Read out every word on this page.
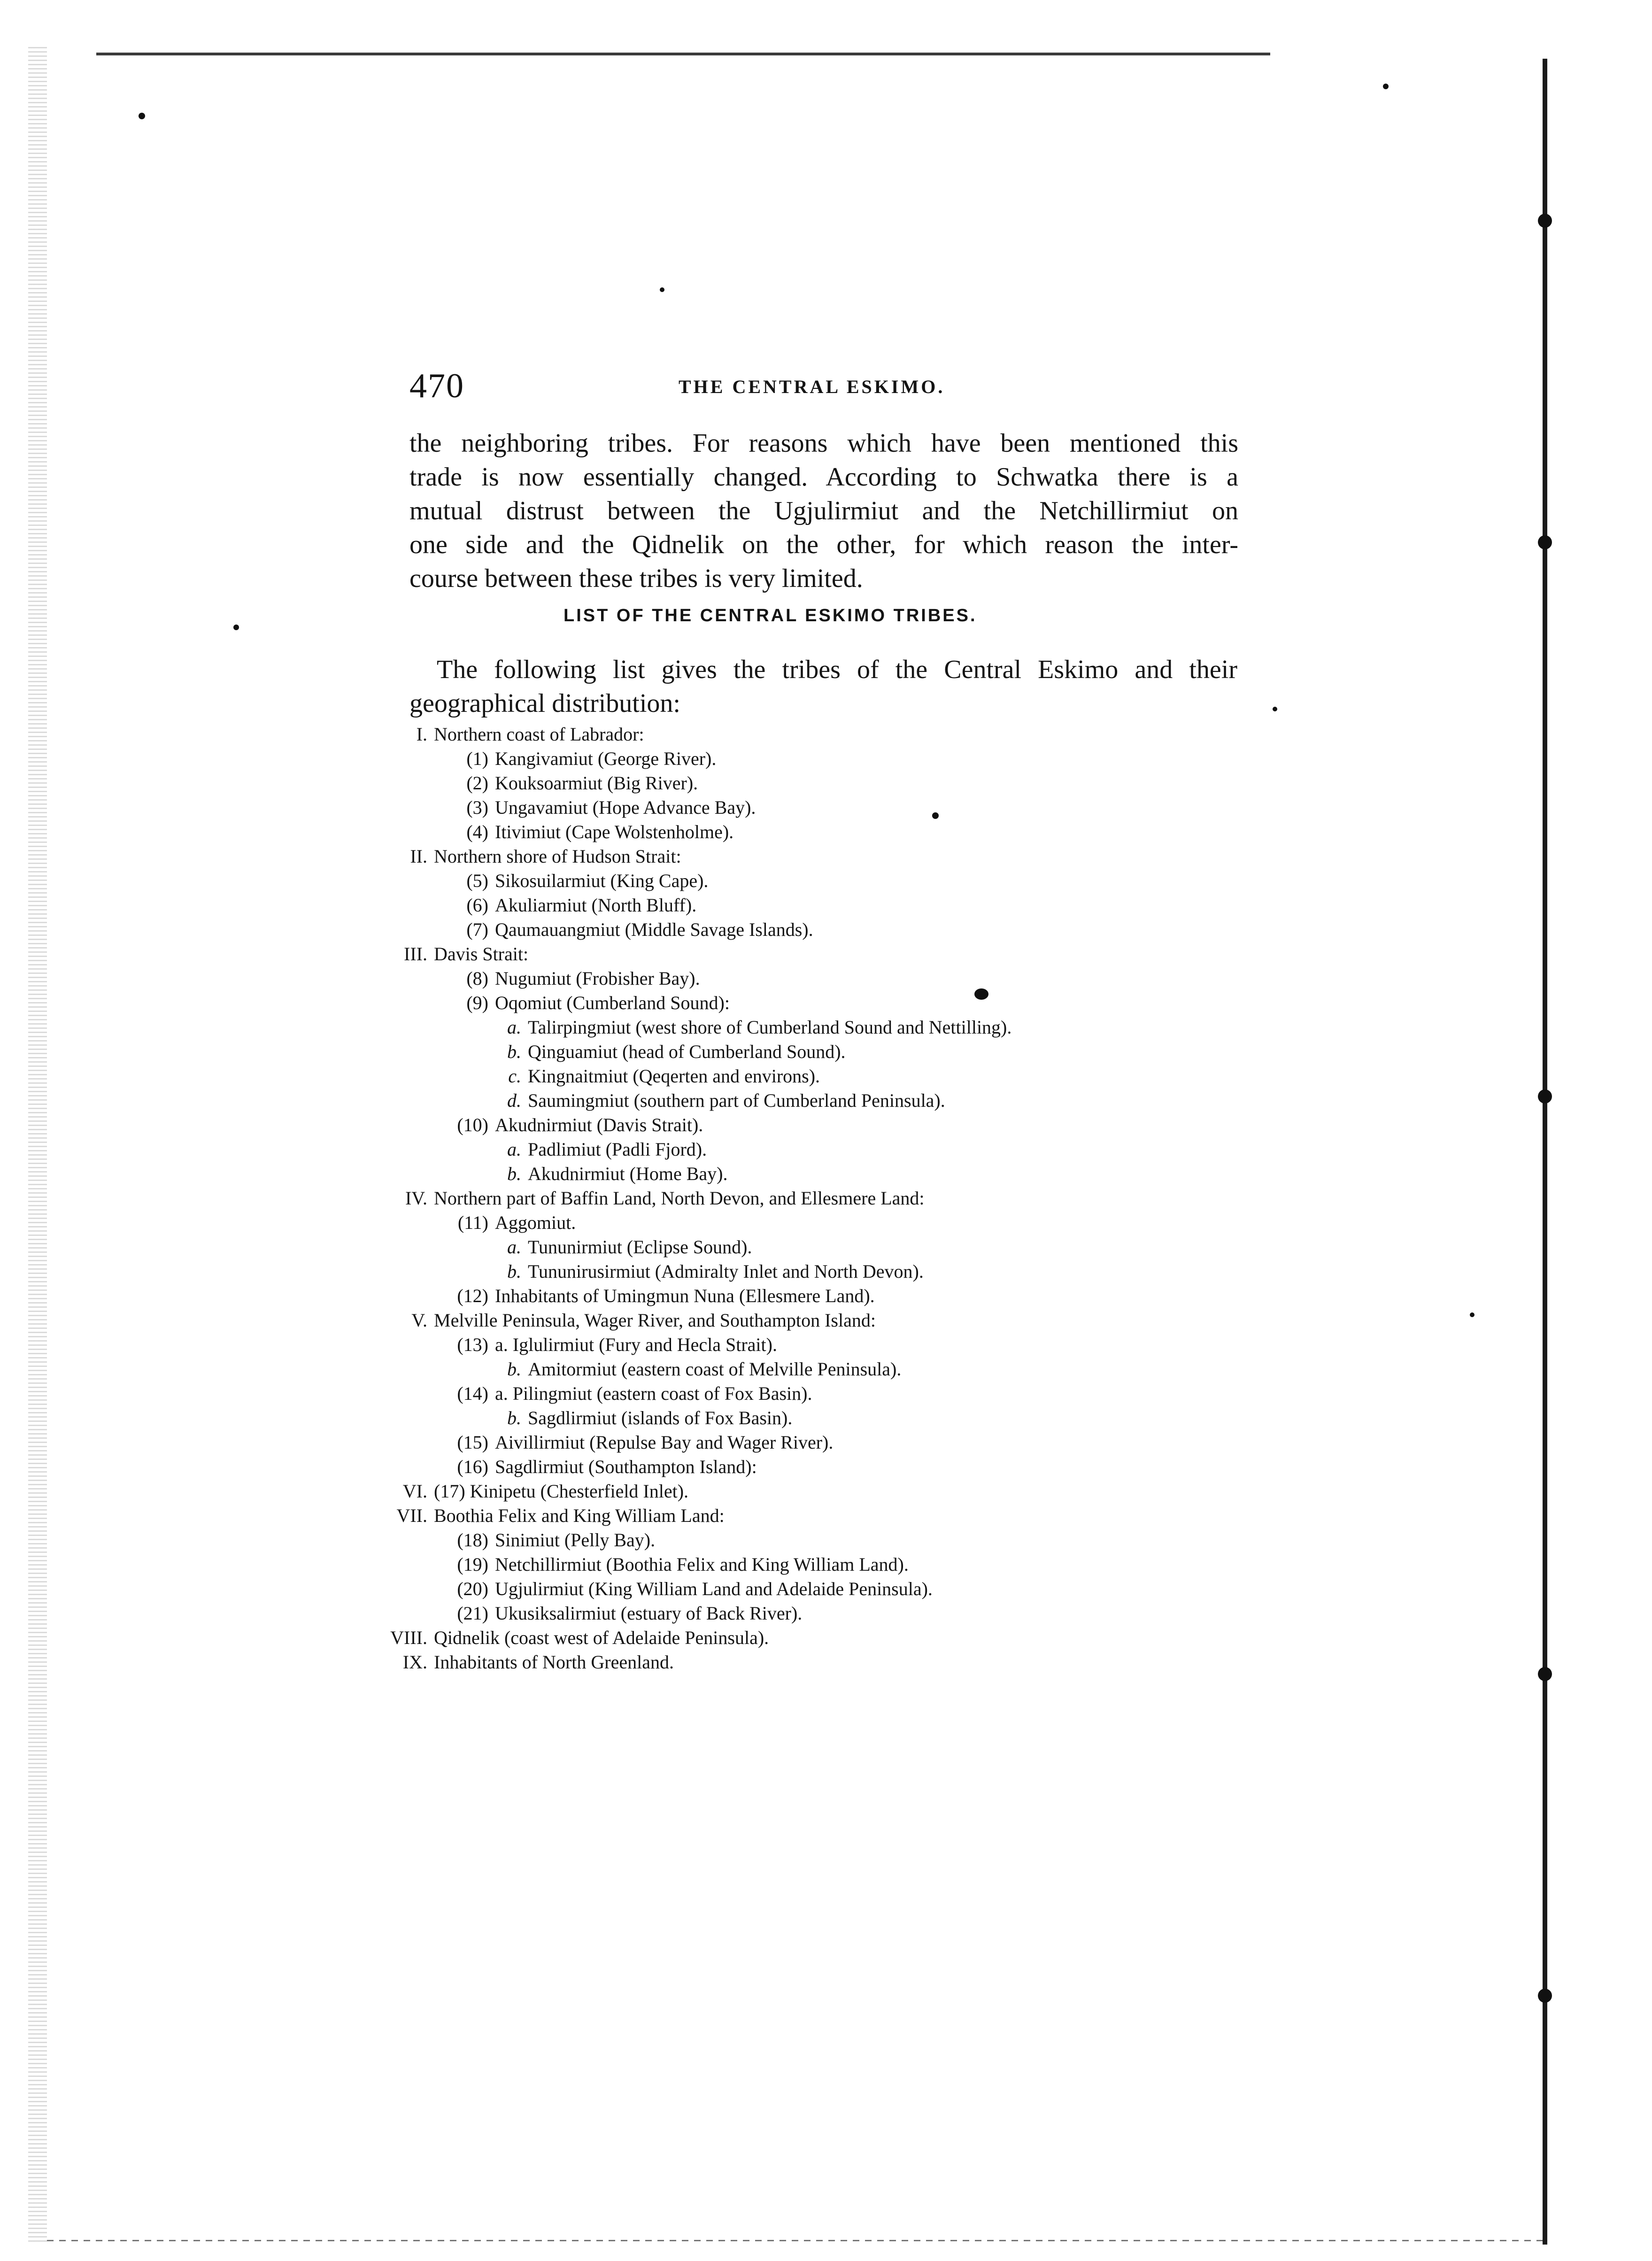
470	THE CENTRAL ESKIMO.
the neighboring tribes. For reasons which have been mentioned this
trade is now essentially changed. According to Schwatka there is a
mutual distrust between the Ugjulirmiut and the Netchillirmiut on
one side and the Qidnelik on the other, for which reason the inter-
course between these tribes is very limited.
LIST OF THE CENTRAL ESKIMO TRIBES.
The following list gives the tribes of the Central Eskimo and their
geographical distribution:
I. Northern coast of Labrador:
(1) Kangivamiut (George River).
(2) Kouksoarmiut (Big River).
(3) Ungavamiut (Hope Advance Bay).
(4) Itivimiut (Cape Wolstenholme).
II. Northern shore of Hudson Strait:
(5) Sikosuilarmiut (King Cape).
(6) Akuliarmiut (North Bluff).
(7) Qaumauangmiut (Middle Savage Islands).
III. Davis Strait:
(8) Nugumiut (Frobisher Bay).
(9) Oqomiut (Cumberland Sound):
a. Talirpingmiut (west shore of Cumberland Sound and Nettilling).
b. Qinguamiut (head of Cumberland Sound).
c. Kingnaitmiut (Qeqerten and environs).
d. Saumingmiut (southern part of Cumberland Peninsula).
(10) Akudnirmiut (Davis Strait).
a. Padlimiut (Padli Fjord).
b. Akudnirmiut (Home Bay).
IV. Northern part of Baffin Land, North Devon, and Ellesmere Land:
(11) Aggomiut.
a. Tununirmiut (Eclipse Sound).
b. Tununirusirmiut (Admiralty Inlet and North Devon).
(12) Inhabitants of Umingmun Nuna (Ellesmere Land).
V. Melville Peninsula, Wager River, and Southampton Island:
(13) a. Iglulirmiut (Fury and Hecla Strait).
b. Amitormiut (eastern coast of Melville Peninsula).
(14) a. Pilingmiut (eastern coast of Fox Basin).
b. Sagdlirmiut (islands of Fox Basin).
(15) Aivillirmiut (Repulse Bay and Wager River).
(16) Sagdlirmiut (Southampton Island):
VI. (17) Kinipetu (Chesterfield Inlet).
VII. Boothia Felix and King William Land:
(18) Sinimiut (Pelly Bay).
(19) Netchillirmiut (Boothia Felix and King William Land).
(20) Ugjulirmiut (King William Land and Adelaide Peninsula).
(21) Ukusiksalirmiut (estuary of Back River).
VIII. Qidnelik (coast west of Adelaide Peninsula).
IX. Inhabitants of North Greenland.
